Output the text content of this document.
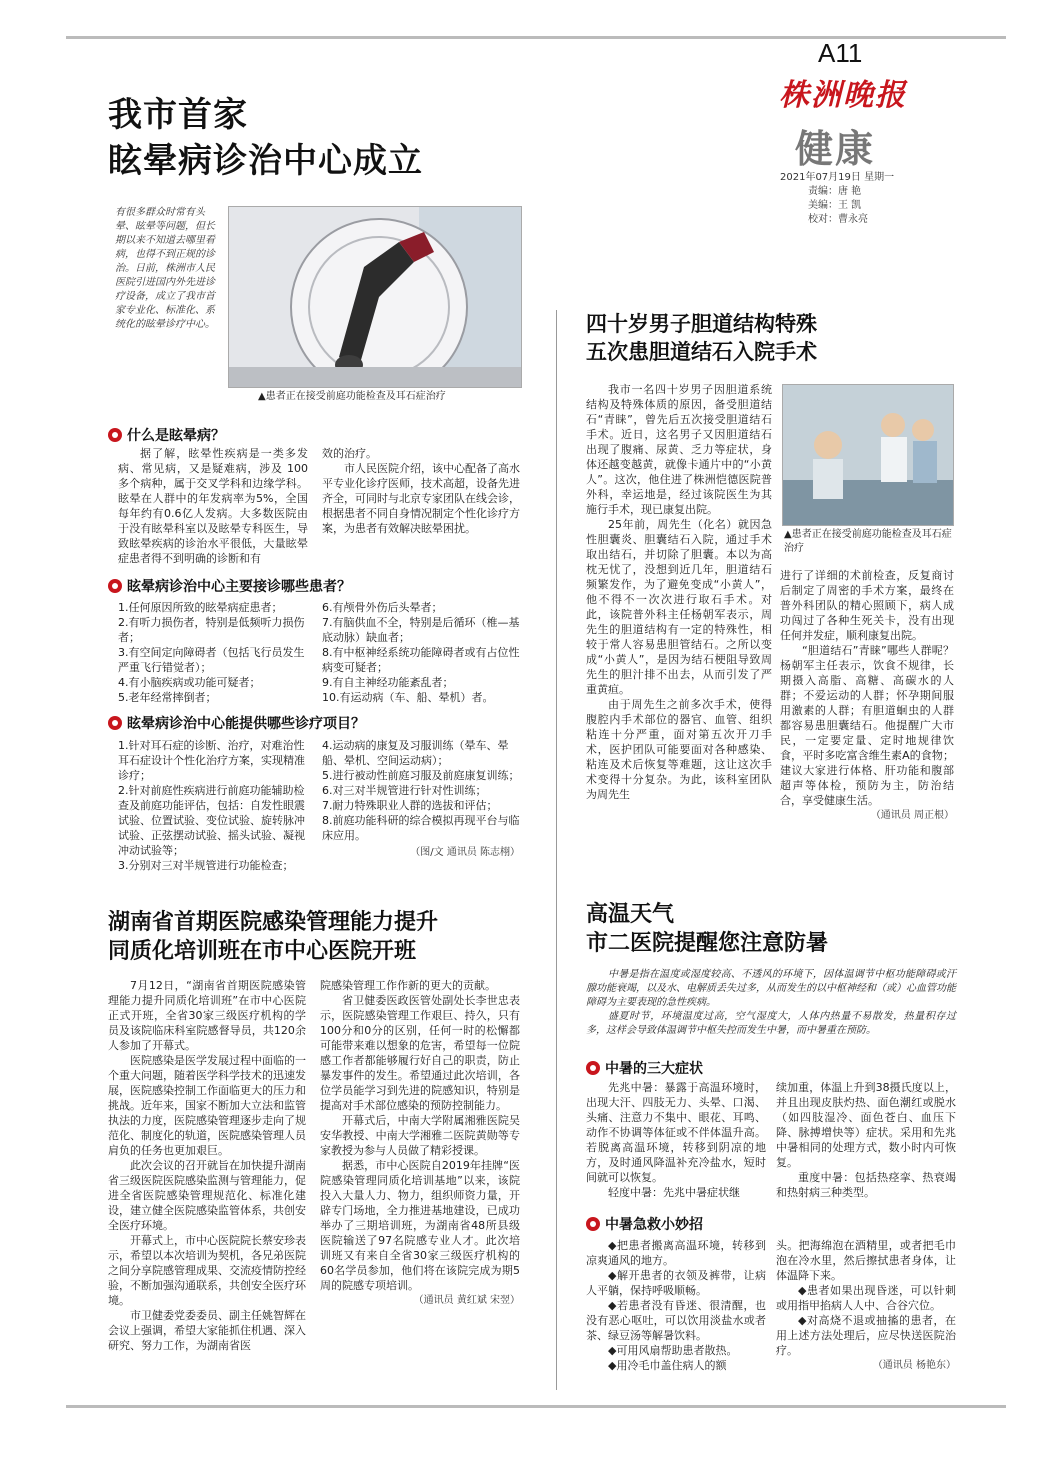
A11
株洲晚报
健康
2021年07月19日 星期一
责编：唐 艳
美编：王 凯
校对：曹永亮
我市首家
眩晕病诊治中心成立
有很多群众时常有头晕、眩晕等问题，但长期以来不知道去哪里看病，也得不到正规的诊治。日前，株洲市人民医院引进国内外先进诊疗设备，成立了我市首家专业化、标准化、系统化的眩晕诊疗中心。
▲患者正在接受前庭功能检查及耳石症治疗
什么是眩晕病？

据了解，眩晕性疾病是一类多发病、常见病，又是疑难病，涉及 100 多个病种，属于交叉学科和边缘学科。眩晕在人群中的年发病率为5%，全国每年约有0.6亿人发病。大多数医院由于没有眩晕科室以及眩晕专科医生，导致眩晕疾病的诊治水平很低，大量眩晕症患者得不到明确的诊断和有

效的治疗。

市人民医院介绍，该中心配备了高水平专业化诊疗医师，技术高超，设备先进齐全，可同时与北京专家团队在线会诊，根据患者不同自身情况制定个性化诊疗方案，为患者有效解决眩晕困扰。

眩晕病诊治中心主要接诊哪些患者？

1.任何原因所致的眩晕病症患者；

2.有听力损伤者，特别是低频听力损伤者；

3.有空间定向障碍者（包括飞行员发生严重飞行错觉者）；

4.有小脑疾病或功能可疑者；

5.老年经常摔倒者；

6.有颅骨外伤后头晕者；

7.有脑供血不全，特别是后循环（椎—基底动脉）缺血者；

8.有中枢神经系统功能障碍者或有占位性病变可疑者；

9.有自主神经功能紊乱者；

10.有运动病（车、船、晕机）者。

眩晕病诊治中心能提供哪些诊疗项目？

1.针对耳石症的诊断、治疗，对难治性耳石症设计个性化治疗方案，实现精准诊疗；

2.针对前庭性疾病进行前庭功能辅助检查及前庭功能评估，包括：自发性眼震试验、位置试验、变位试验、旋转脉冲试验、正弦摆动试验、摇头试验、凝视冲动试验等；

3.分别对三对半规管进行功能检查；

4.运动病的康复及习服训练（晕车、晕船、晕机、空间运动病）；

5.进行被动性前庭习服及前庭康复训练；

6.对三对半规管进行针对性训练；

7.耐力特殊职业人群的选拔和评估；

8.前庭功能科研的综合模拟再现平台与临床应用。

（图/文 通讯员 陈志栩）
四十岁男子胆道结构特殊
五次患胆道结石入院手术

我市一名四十岁男子因胆道系统结构及特殊体质的原因，备受胆道结石“青睐”，曾先后五次接受胆道结石手术。近日，这名男子又因胆道结石出现了腹痛、尿黄、乏力等症状，身体还越变越黄，就像卡通片中的“小黄人”。这次，他住进了株洲恺德医院普外科，幸运地是，经过该院医生为其施行手术，现已康复出院。

25年前，周先生（化名）就因急性胆囊炎、胆囊结石入院，通过手术取出结石，并切除了胆囊。本以为高枕无忧了，没想到近几年，胆道结石频繁发作，为了避免变成“小黄人”，他不得不一次次进行取石手术。对此，该院普外科主任杨朝军表示，周先生的胆道结构有一定的特殊性，相较于常人容易患胆管结石。之所以变成“小黄人”，是因为结石梗阻导致周先生的胆汁排不出去，从而引发了严重黄疸。

由于周先生之前多次手术，使得腹腔内手术部位的器官、血管、组织粘连十分严重，面对第五次开刀手术，医护团队可能要面对各种感染、粘连及术后恢复等难题，这让这次手术变得十分复杂。为此，该科室团队为周先生

▲患者正在接受前庭功能检查及耳石症治疗

进行了详细的术前检查，反复商讨后制定了周密的手术方案，最终在普外科团队的精心照顾下，病人成功闯过了各种生死关卡，没有出现任何并发症，顺利康复出院。

“胆道结石”青睐”哪些人群呢？杨朝军主任表示，饮食不规律，长期摄入高脂、高糖、高碳水的人群；不爱运动的人群；怀孕期间服用激素的人群；有胆道蛔虫的人群都容易患胆囊结石。他提醒广大市民，一定要定量、定时地规律饮食，平时多吃富含维生素A的食物；建议大家进行体格、肝功能和腹部超声等体检，预防为主，防治结合，享受健康生活。

（通讯员 周正根）
湖南省首期医院感染管理能力提升
同质化培训班在市中心医院开班

7月12日，“湖南省首期医院感染管理能力提升同质化培训班”在市中心医院正式开班，全省30家三级医疗机构的学员及该院临床科室院感督导员，共120余人参加了开幕式。

医院感染是医学发展过程中面临的一个重大问题，随着医学科学技术的迅速发展，医院感染控制工作面临更大的压力和挑战。近年来，国家不断加大立法和监管执法的力度，医院感染管理逐步走向了规范化、制度化的轨道，医院感染管理人员肩负的任务也更加艰巨。

此次会议的召开就旨在加快提升湖南省三级医院医院感染监测与管理能力，促进全省医院感染管理规范化、标准化建设，建立健全医院感染监管体系，共创安全医疗环境。

开幕式上，市中心医院院长蔡安珍表示，希望以本次培训为契机，各兄弟医院之间分享院感管理成果、交流疫情防控经验，不断加强沟通联系，共创安全医疗环境。

市卫健委党委委员、副主任姚智辉在会议上强调，希望大家能抓住机遇、深入研究、努力工作，为湖南省医

院感染管理工作作新的更大的贡献。

省卫健委医政医管处副处长李世忠表示，医院感染管理工作艰巨、持久，只有100分和0分的区别，任何一时的松懈都可能带来难以想象的危害，希望每一位院感工作者都能够履行好自己的职责，防止暴发事件的发生。希望通过此次培训，各位学员能学习到先进的院感知识，特别是提高对手术部位感染的预防控制能力。

开幕式后，中南大学附属湘雅医院吴安华教授、中南大学湘雅二医院黄勋等专家教授为参与人员做了精彩授课。

据悉，市中心医院自2019年挂牌“医院感染管理同质化培训基地”以来，该院投入大量人力、物力，组织师资力量，开辟专门场地，全力推进基地建设，已成功举办了三期培训班，为湖南省48所县级医院输送了97名院感专业人才。此次培训班又有来自全省30家三级医疗机构的60名学员参加，他们将在该院完成为期5周的院感专项培训。

（通讯员 黄红斌 宋翌）
高温天气
市二医院提醒您注意防暑

中暑是指在温度或湿度较高、不透风的环境下，因体温调节中枢功能障碍或汗腺功能衰竭，以及水、电解质丢失过多，从而发生的以中枢神经和（或）心血管功能障碍为主要表现的急性疾病。

盛夏时节，环境温度过高，空气湿度大，人体内热量不易散发，热量积存过多，这样会导致体温调节中枢失控而发生中暑，而中暑重在预防。

中暑的三大症状

先兆中暑：暴露于高温环境时，出现大汗、四肢无力、头晕、口渴、头痛、注意力不集中、眼花、耳鸣、动作不协调等体征或不伴体温升高。若脱离高温环境，转移到阴凉的地方，及时通风降温补充冷盐水，短时间就可以恢复。

轻度中暑：先兆中暑症状继

续加重，体温上升到38摄氏度以上，并且出现皮肤灼热、面色潮红或脱水（如四肢湿冷、面色苍白、血压下降、脉搏增快等）症状。采用和先兆中暑相同的处理方式，数小时内可恢复。

重度中暑：包括热痉挛、热衰竭和热射病三种类型。

中暑急救小妙招

◆把患者搬离高温环境，转移到凉爽通风的地方。

◆解开患者的衣领及裤带，让病人平躺，保持呼吸顺畅。

◆若患者没有昏迷、很清醒，也没有恶心呕吐，可以饮用淡盐水或者茶、绿豆汤等解暑饮料。

◆可用风扇帮助患者散热。

◆用冷毛巾盖住病人的额

头。把海绵泡在酒精里，或者把毛巾泡在冷水里，然后擦拭患者身体，让体温降下来。

◆患者如果出现昏迷，可以针刺或用指甲掐病人人中、合谷穴位。

◆对高烧不退或抽搐的患者，在用上述方法处理后，应尽快送医院治疗。

（通讯员 杨艳东）
